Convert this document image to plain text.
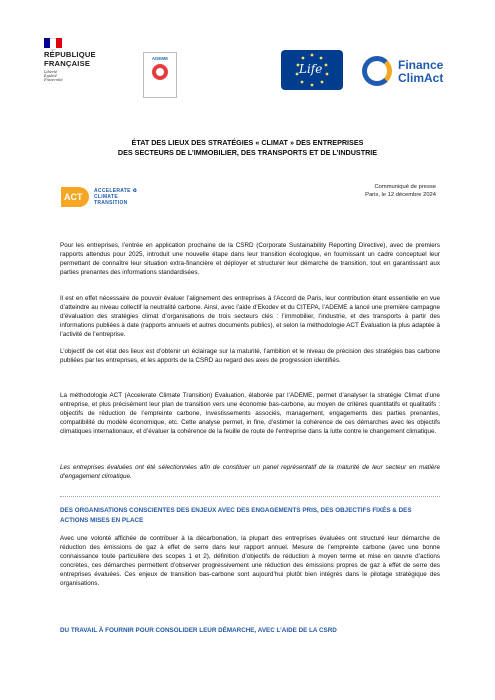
RÉPUBLIQUE
FRANÇAISE
Liberté
Égalité
Fraternité
ADEME
Life	Finance
ClimAct
ÉTAT DES LIEUX DES STRATÉGIES « CLIMAT » DES ENTREPRISES
DES SECTEURS DE L’IMMOBILIER, DES TRANSPORTS ET DE L’INDUSTRIE
ACT
ACCELERATE ♻
CLIMATE
TRANSITION
Communiqué de presse
Paris, le 12 décembre 2024
Pour les entreprises, l’entrée en application prochaine de la CSRD (Corporate Sustainability Reporting Directive), avec de premiers rapports attendus pour 2025, introduit une nouvelle étape dans leur transition écologique, en fournissant un cadre conceptuel leur permettant de connaître leur situation extra-financière et déployer et structurer leur démarche de transition, tout en garantissant aux parties prenantes des informations standardisées.
Il est en effet nécessaire de pouvoir évaluer l’alignement des entreprises à l’Accord de Paris, leur contribution étant essentielle en vue d’atteindre au niveau collectif la neutralité carbone. Ainsi, avec l’aide d’Ekodev et du CITEPA, l’ADEME a lancé une première campagne d’évaluation des stratégies climat d’organisations de trois secteurs clés : l’immobilier, l’industrie, et des transports à partir des informations publiées à date (rapports annuels et autres documents publics), et selon la méthodologie ACT Évaluation la plus adaptée à l’activité de l’entreprise.
L’objectif de cet état des lieux est d’obtenir un éclairage sur la maturité, l’ambition et le niveau de précision des stratégies bas carbone publiées par les entreprises, et les apports de la CSRD au regard des axes de progression identifiés.
La méthodologie ACT (Accelerate Climate Transition) Evaluation, élaborée par l’ADEME, permet d’analyser la stratégie Climat d’une entreprise, et plus précisément leur plan de transition vers une économie bas-carbone, au moyen de critères quantitatifs et qualitatifs : objectifs de réduction de l’empreinte carbone, investissements associés, management, engagements des parties prenantes, compatibilité du modèle économique, etc. Cette analyse permet, in fine, d’estimer la cohérence de ces démarches avec les objectifs climatiques internationaux, et d’évaluer la cohérence de la feuille de route de l’entreprise dans la lutte contre le changement climatique.
Les entreprises évaluées ont été sélectionnées afin de constituer un panel représentatif de la maturité de leur secteur en matière d’engagement climatique.
DES ORGANISATIONS CONSCIENTES DES ENJEUX AVEC DES ENGAGEMENTS PRIS, DES OBJECTIFS FIXÉS & DES ACTIONS MISES EN PLACE
Avec une volonté affichée de contribuer à la décarbonation, la plupart des entreprises évaluées ont structuré leur démarche de réduction des émissions de gaz à effet de serre dans leur rapport annuel. Mesure de l’empreinte carbone (avec une bonne connaissance toute particulière des scopes 1 et 2), définition d’objectifs de réduction à moyen terme et mise en œuvre d’actions concrètes, ces démarches permettent d’observer progressivement une réduction des émissions propres de gaz à effet de serre des entreprises évaluées. Ces enjeux de transition bas-carbone sont aujourd’hui plutôt bien intégrés dans le pilotage stratégique des organisations.
DU TRAVAIL À FOURNIR POUR CONSOLIDER LEUR DÉMARCHE, AVEC L’AIDE DE LA CSRD
